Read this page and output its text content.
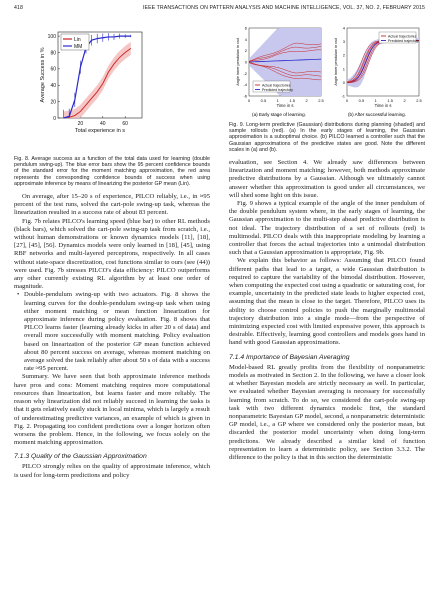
418	IEEE TRANSACTIONS ON PATTERN ANALYSIS AND MACHINE INTELLIGENCE, VOL. 37, NO. 2, FEBRUARY 2015
0
20
40
60
80
100
20	40	60
Total experience in s
Average Success in %
Lin
MM
Fig. 8. Average success as a function of the total data used for learning (double pendulum swing-up). The blue error bars show the 95 percent confidence bounds of the standard error for the moment matching approximation, the red area represents the corresponding confidence bounds of success when using approximate inference by means of linearizing the posterior GP mean (Lin).

On average, after 15–20 s of experience, PILCO reliably, i.e., in ≈95 percent of the test runs, solved the cart-pole swing-up task, whereas the linearization resulted in a success rate of about 83 percent.

Fig. 7b relates PILCO's learning speed (blue bar) to other RL methods (black bars), which solved the cart-pole swing-up task from scratch, i.e., without human demonstrations or known dynamics models [11], [18], [27], [45], [56]. Dynamics models were only learned in [18], [45], using RBF networks and multi-layered perceptrons, respectively. In all cases without state-space discretization, cost functions similar to ours (see (44)) were used. Fig. 7b stresses PILCO's data efficiency: PILCO outperforms any other currently existing RL algorithm by at least one order of magnitude.

• Double-pendulum swing-up with two actuators. Fig. 8 shows the learning curves for the double-pendulum swing-up task when using either moment matching or mean function linearization for approximate inference during policy evaluation. Fig. 8 shows that PILCO learns faster (learning already kicks in after 20 s of data) and overall more successfully with moment matching. Policy evaluation based on linearization of the posterior GP mean function achieved about 80 percent success on average, whereas moment matching on average solved the task reliably after about 50 s of data with a success rate ≈95 percent.

Summary. We have seen that both approximate inference methods have pros and cons: Moment matching requires more computational resources than linearization, but learns faster and more reliably. The reason why linearization did not reliably succeed in learning the tasks is that it gets relatively easily stuck in local minima, which is largely a result of underestimating predictive variances, an example of which is given in Fig. 2. Propagating too confident predictions over a longer horizon often worsens the problem. Hence, in the following, we focus solely on the moment matching approximation.

7.1.3 Quality of the Gaussian Approximation

PILCO strongly relies on the quality of approximate inference, which is used for long-term predictions and policy

(a) Early stage of learning.	(b) After successful learning.
-6
-4
-2
0
2
4
6
0	0.5	1	1.5	2	2.5
Time in s
Angle inner pendulum in rad	Actual trajectories
Predicted trajectory
-1
0
1
2
3
4
0	0.5	1	1.5	2	2.5
Time in s
Angle inner pendulum in rad
Actual trajectories
Predicted trajectory
Fig. 9. Long-term predictive (Gaussian) distributions during planning (shaded) and sample rollouts (red). (a) In the early stages of learning, the Gaussian approximation is a suboptimal choice. (b) PILCO learned a controller such that the Gaussian approximations of the predictive states are good. Note the different scales in (a) and (b).

evaluation, see Section 4. We already saw differences between linearization and moment matching; however, both methods approximate predictive distributions by a Gaussian. Although we ultimately cannot answer whether this approximation is good under all circumstances, we will shed some light on this issue.

Fig. 9 shows a typical example of the angle of the inner pendulum of the double pendulum system where, in the early stages of learning, the Gaussian approximation to the multi-step ahead predictive distribution is not ideal. The trajectory distribution of a set of rollouts (red) is multimodal. PILCO deals with this inappropriate modeling by learning a controller that forces the actual trajectories into a unimodal distribution such that a Gaussian approximation is appropriate, Fig. 9b.

We explain this behavior as follows: Assuming that PILCO found different paths that lead to a target, a wide Gaussian distribution is required to capture the variability of the bimodal distribution. However, when computing the expected cost using a quadratic or saturating cost, for example, uncertainty in the predicted state leads to higher expected cost, assuming that the mean is close to the target. Therefore, PILCO uses its ability to choose control policies to push the marginally multimodal trajectory distribution into a single mode—from the perspective of minimizing expected cost with limited expressive power, this approach is desirable. Effectively, learning good controllers and models goes hand in hand with good Gaussian approximations.

7.1.4 Importance of Bayesian Averaging

Model-based RL greatly profits from the flexibility of nonparametric models as motivated in Section 2. In the following, we have a closer look at whether Bayesian models are strictly necessary as well. In particular, we evaluated whether Bayesian averaging is necessary for successfully learning from scratch. To do so, we considered the cart-pole swing-up task with two different dynamics models: first, the standard nonparametric Bayesian GP model, second, a nonparametric deterministic GP model, i.e., a GP where we considered only the posterior mean, but discarded the posterior model uncertainty when doing long-term predictions. We already described a similar kind of function representation to learn a deterministic policy, see Section 3.3.2. The difference to the policy is that in this section the deterministic
